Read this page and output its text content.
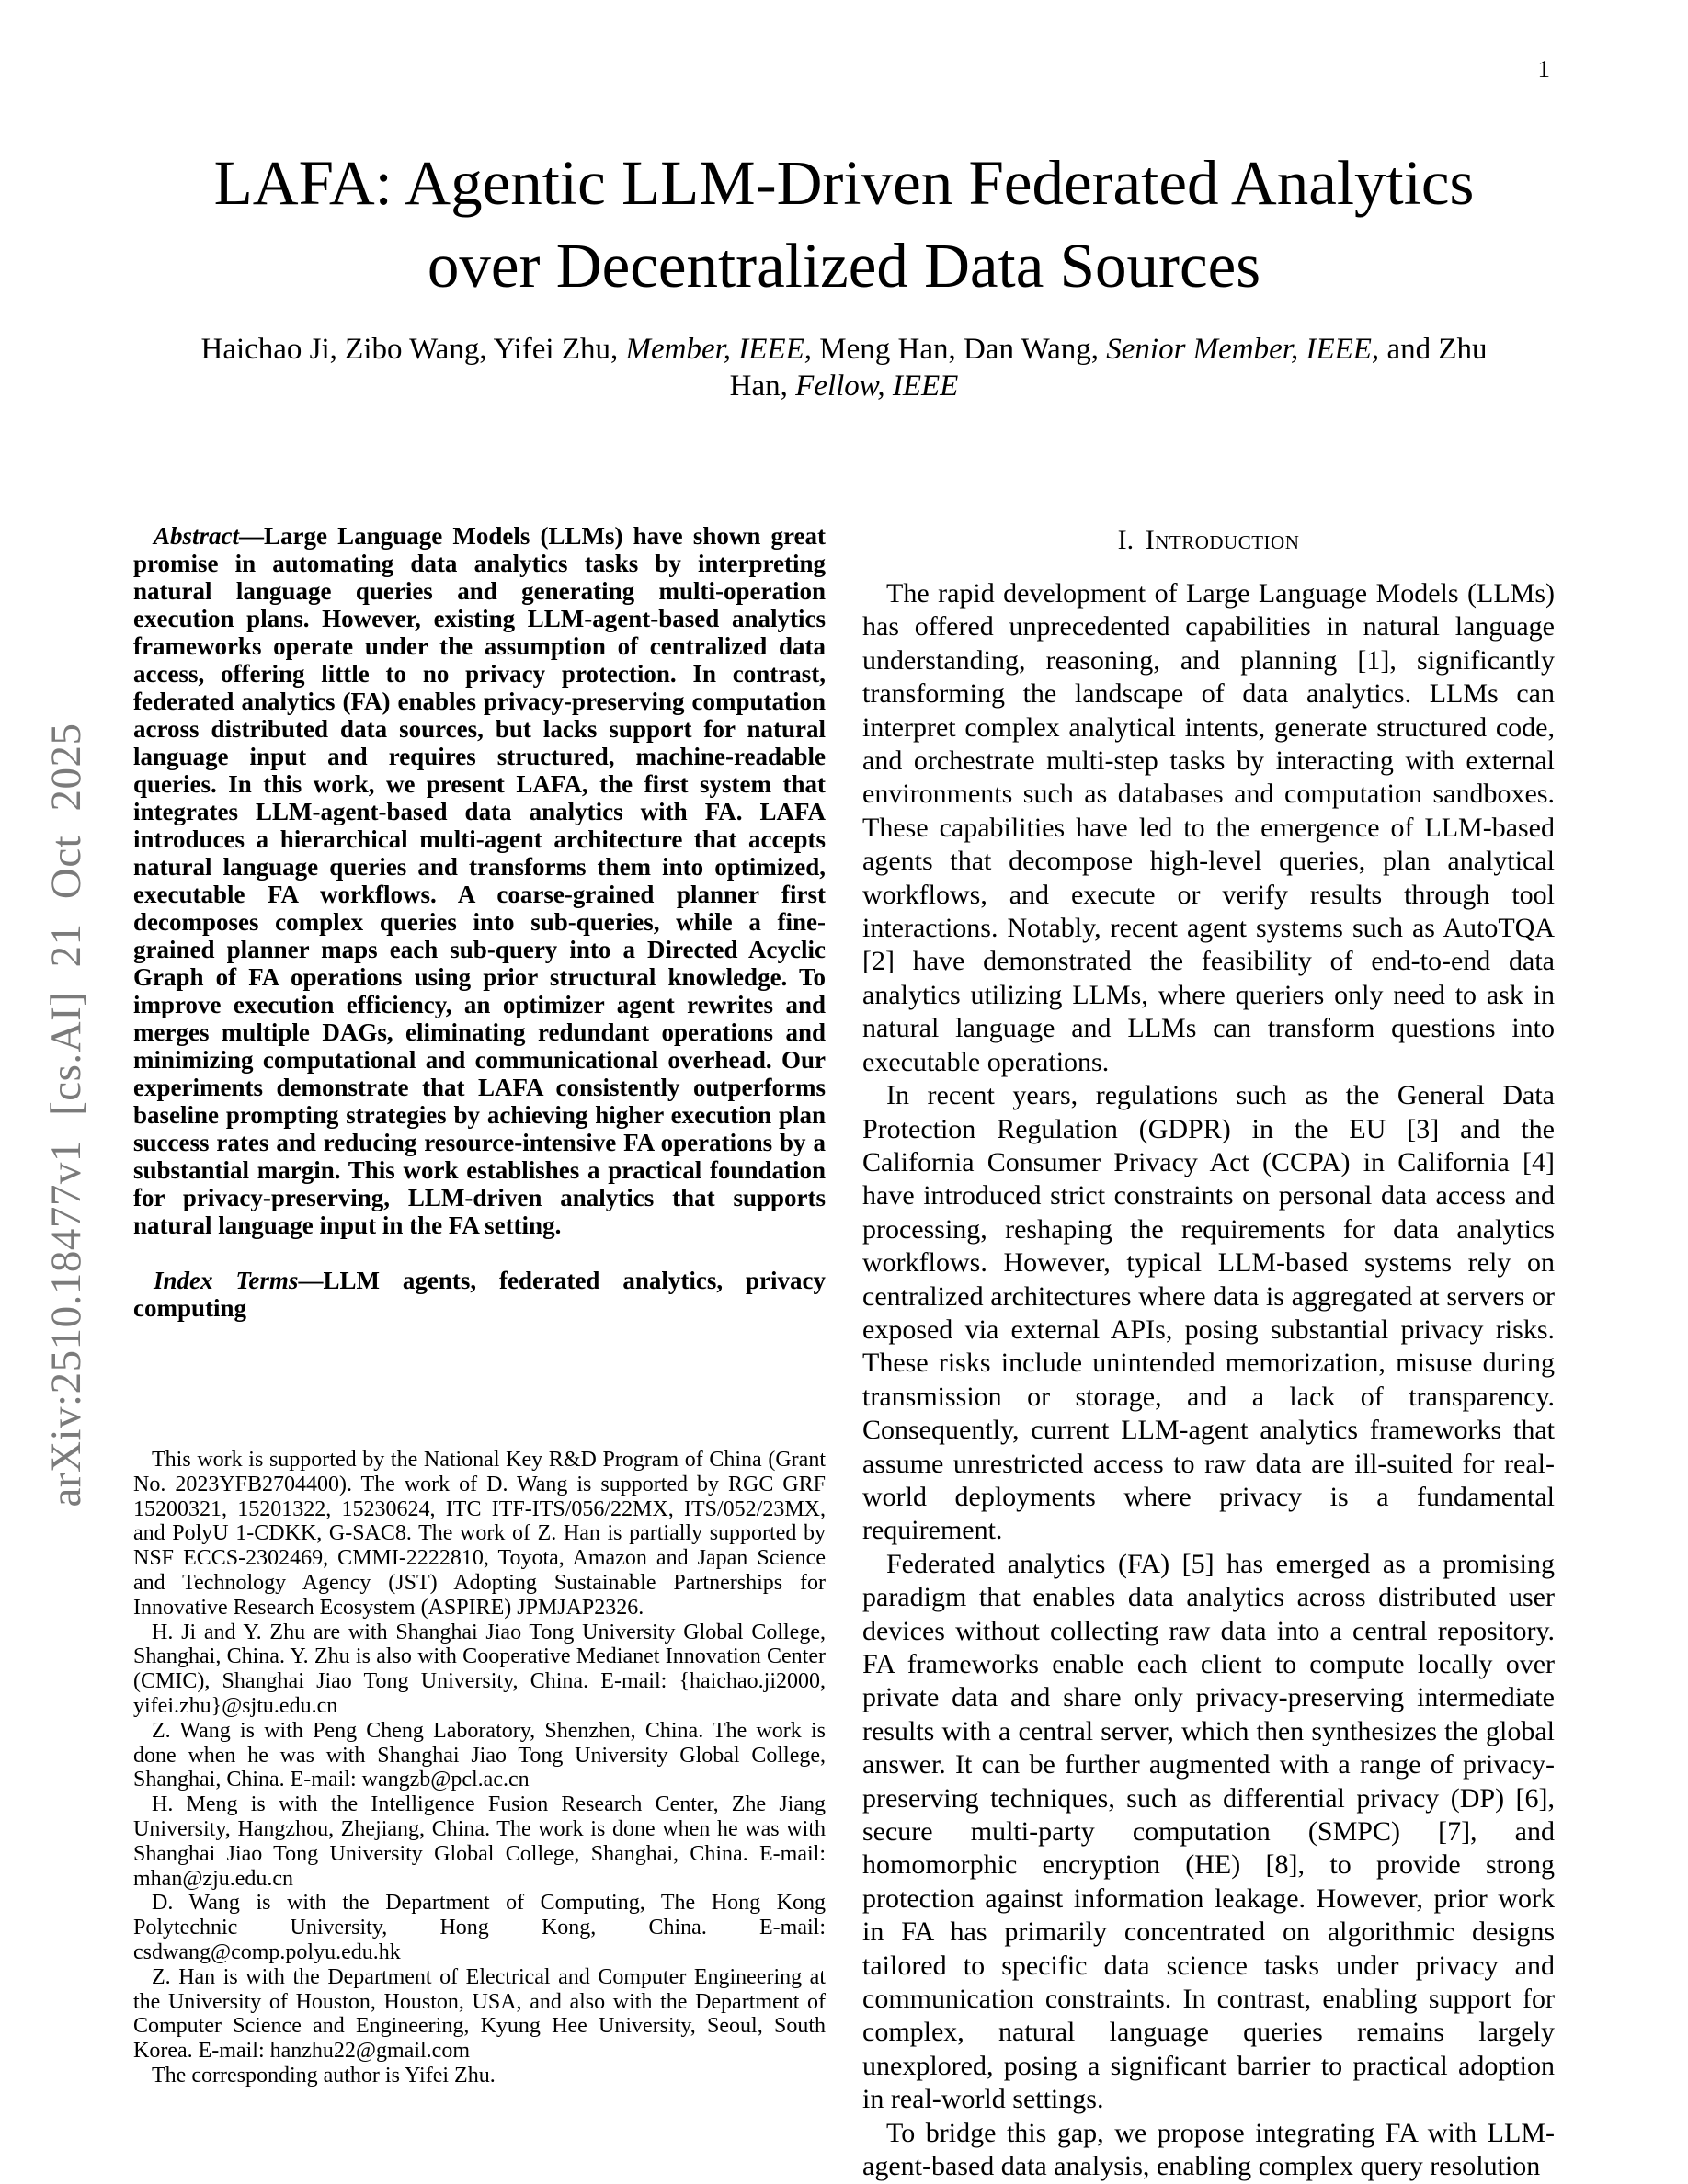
1
arXiv:2510.18477v1 [cs.AI] 21 Oct 2025
LAFA: Agentic LLM-Driven Federated Analytics
over Decentralized Data Sources
Haichao Ji, Zibo Wang, Yifei Zhu, Member, IEEE, Meng Han, Dan Wang, Senior Member, IEEE, and Zhu
Han, Fellow, IEEE

Abstract—Large Language Models (LLMs) have shown great promise in automating data analytics tasks by interpreting natural language queries and generating multi-operation execution plans. However, existing LLM-agent-based analytics frameworks operate under the assumption of centralized data access, offering little to no privacy protection. In contrast, federated analytics (FA) enables privacy-preserving computation across distributed data sources, but lacks support for natural language input and requires structured, machine-readable queries. In this work, we present LAFA, the first system that integrates LLM-agent-based data analytics with FA. LAFA introduces a hierarchical multi-agent architecture that accepts natural language queries and transforms them into optimized, executable FA workflows. A coarse-grained planner first decomposes complex queries into sub-queries, while a fine-grained planner maps each sub-query into a Directed Acyclic Graph of FA operations using prior structural knowledge. To improve execution efficiency, an optimizer agent rewrites and merges multiple DAGs, eliminating redundant operations and minimizing computational and communicational overhead. Our experiments demonstrate that LAFA consistently outperforms baseline prompting strategies by achieving higher execution plan success rates and reducing resource-intensive FA operations by a substantial margin. This work establishes a practical foundation for privacy-preserving, LLM-driven analytics that supports natural language input in the FA setting.

Index Terms—LLM agents, federated analytics, privacy computing

This work is supported by the National Key R&D Program of China (Grant No. 2023YFB2704400). The work of D. Wang is supported by RGC GRF 15200321, 15201322, 15230624, ITC ITF-ITS/056/22MX, ITS/052/23MX, and PolyU 1-CDKK, G-SAC8. The work of Z. Han is partially supported by NSF ECCS-2302469, CMMI-2222810, Toyota, Amazon and Japan Science and Technology Agency (JST) Adopting Sustainable Partnerships for Innovative Research Ecosystem (ASPIRE) JPMJAP2326.

H. Ji and Y. Zhu are with Shanghai Jiao Tong University Global College, Shanghai, China. Y. Zhu is also with Cooperative Medianet Innovation Center (CMIC), Shanghai Jiao Tong University, China. E-mail: {haichao.ji2000, yifei.zhu}@sjtu.edu.cn

Z. Wang is with Peng Cheng Laboratory, Shenzhen, China. The work is done when he was with Shanghai Jiao Tong University Global College, Shanghai, China. E-mail: wangzb@pcl.ac.cn

H. Meng is with the Intelligence Fusion Research Center, Zhe Jiang University, Hangzhou, Zhejiang, China. The work is done when he was with Shanghai Jiao Tong University Global College, Shanghai, China. E-mail: mhan@zju.edu.cn

D. Wang is with the Department of Computing, The Hong Kong Polytechnic University, Hong Kong, China. E-mail: csdwang@comp.polyu.edu.hk

Z. Han is with the Department of Electrical and Computer Engineering at the University of Houston, Houston, USA, and also with the Department of Computer Science and Engineering, Kyung Hee University, Seoul, South Korea. E-mail: hanzhu22@gmail.com

The corresponding author is Yifei Zhu.

I. Introduction

The rapid development of Large Language Models (LLMs) has offered unprecedented capabilities in natural language understanding, reasoning, and planning [1], significantly transforming the landscape of data analytics. LLMs can interpret complex analytical intents, generate structured code, and orchestrate multi-step tasks by interacting with external environments such as databases and computation sandboxes. These capabilities have led to the emergence of LLM-based agents that decompose high-level queries, plan analytical workflows, and execute or verify results through tool interactions. Notably, recent agent systems such as AutoTQA [2] have demonstrated the feasibility of end-to-end data analytics utilizing LLMs, where queriers only need to ask in natural language and LLMs can transform questions into executable operations.

In recent years, regulations such as the General Data Protection Regulation (GDPR) in the EU [3] and the California Consumer Privacy Act (CCPA) in California [4] have introduced strict constraints on personal data access and processing, reshaping the requirements for data analytics workflows. However, typical LLM-based systems rely on centralized architectures where data is aggregated at servers or exposed via external APIs, posing substantial privacy risks. These risks include unintended memorization, misuse during transmission or storage, and a lack of transparency. Consequently, current LLM-agent analytics frameworks that assume unrestricted access to raw data are ill-suited for real-world deployments where privacy is a fundamental requirement.

Federated analytics (FA) [5] has emerged as a promising paradigm that enables data analytics across distributed user devices without collecting raw data into a central repository. FA frameworks enable each client to compute locally over private data and share only privacy-preserving intermediate results with a central server, which then synthesizes the global answer. It can be further augmented with a range of privacy-preserving techniques, such as differential privacy (DP) [6], secure multi-party computation (SMPC) [7], and homomorphic encryption (HE) [8], to provide strong protection against information leakage. However, prior work in FA has primarily concentrated on algorithmic designs tailored to specific data science tasks under privacy and communication constraints. In contrast, enabling support for complex, natural language queries remains largely unexplored, posing a significant barrier to practical adoption in real-world settings.

To bridge this gap, we propose integrating FA with LLM-agent-based data analysis, enabling complex query resolution
